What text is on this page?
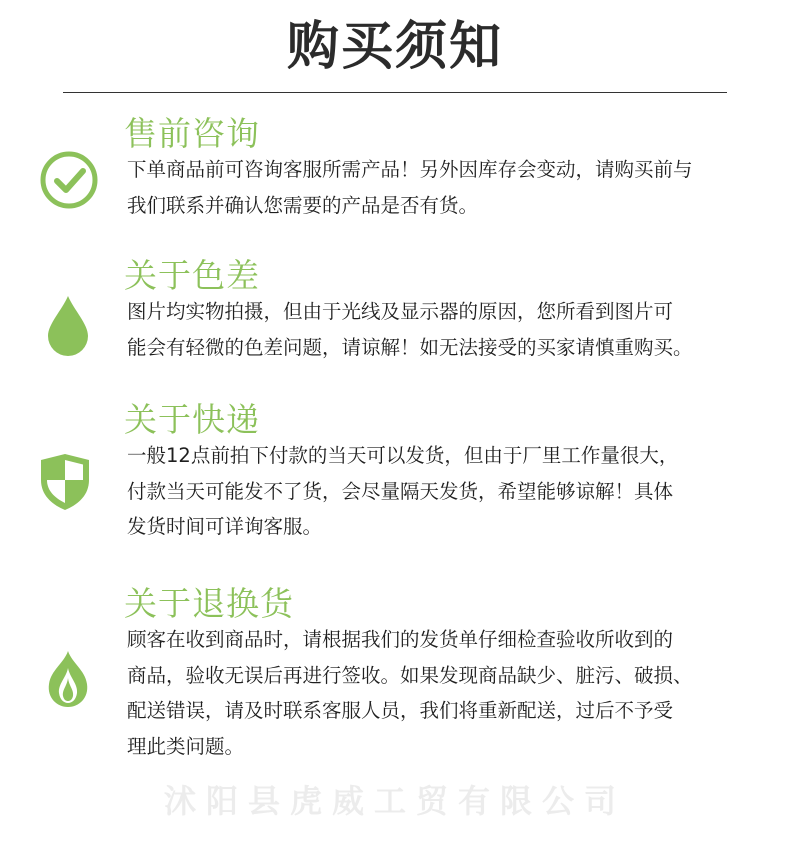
购买须知
售前咨询
下单商品前可咨询客服所需产品！另外因库存会变动，请购买前与
我们联系并确认您需要的产品是否有货。
关于色差
图片均实物拍摄，但由于光线及显示器的原因，您所看到图片可
能会有轻微的色差问题，请谅解！如无法接受的买家请慎重购买。
关于快递
一般12点前拍下付款的当天可以发货，但由于厂里工作量很大，
付款当天可能发不了货，会尽量隔天发货，希望能够谅解！具体
发货时间可详询客服。
关于退换货
顾客在收到商品时，请根据我们的发货单仔细检查验收所收到的
商品，验收无误后再进行签收。如果发现商品缺少、脏污、破损、
配送错误，请及时联系客服人员，我们将重新配送，过后不予受
理此类问题。
沭阳县虎威工贸有限公司
